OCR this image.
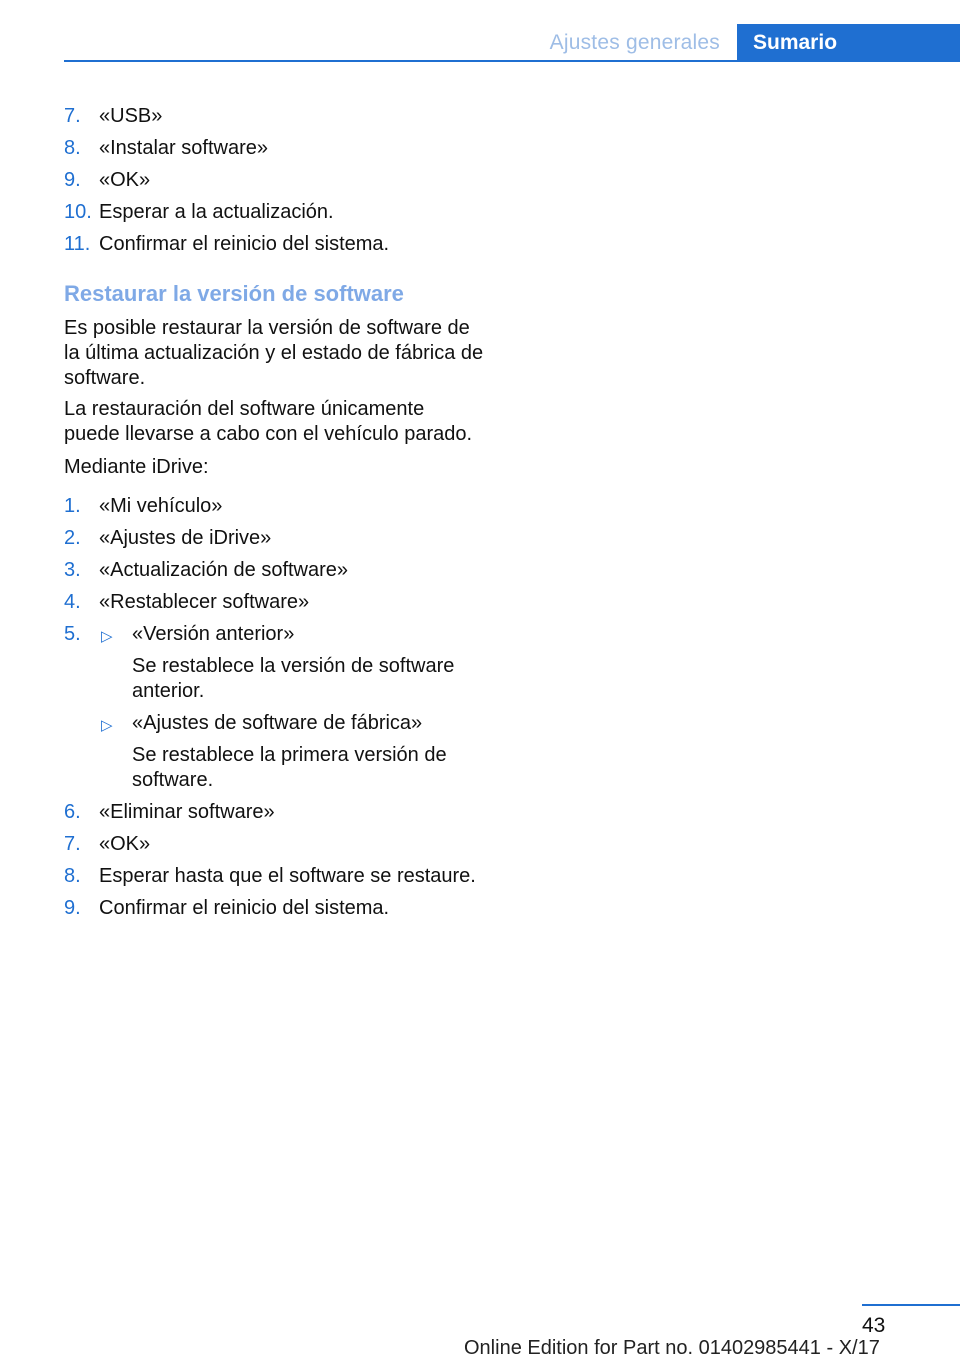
Ajustes generales Sumario
7. «USB»
8. «Instalar software»
9. «OK»
10. Esperar a la actualización.
11. Confirmar el reinicio del sistema.
Restaurar la versión de software
Es posible restaurar la versión de software de la última actualización y el estado de fábrica de software.
La restauración del software únicamente puede llevarse a cabo con el vehículo parado.
Mediante iDrive:
1. «Mi vehículo»
2. «Ajustes de iDrive»
3. «Actualización de software»
4. «Restablecer software»
5. ▷ «Versión anterior»
Se restablece la versión de software anterior.
▷ «Ajustes de software de fábrica»
Se restablece la primera versión de software.
6. «Eliminar software»
7. «OK»
8. Esperar hasta que el software se restaure.
9. Confirmar el reinicio del sistema.
43
Online Edition for Part no. 01402985441 - X/17
